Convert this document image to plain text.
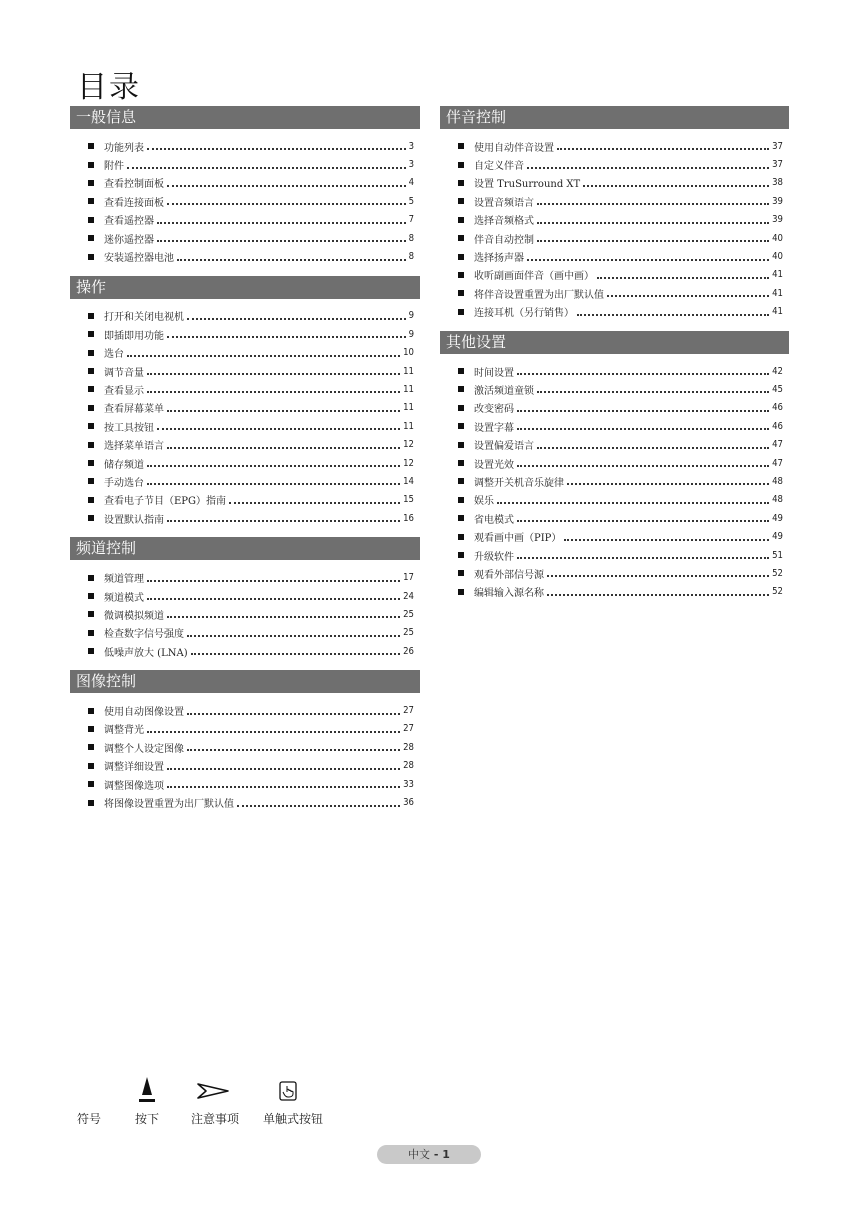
目录
一般信息
功能列表	3
附件	3
查看控制面板	4
查看连接面板	5
查看遥控器	7
迷你遥控器	8
安装遥控器电池	8
操作
打开和关闭电视机	9
即插即用功能	9
选台	10
调节音量	11
查看显示	11
查看屏幕菜单	11
按工具按钮	11
选择菜单语言	12
储存频道	12
手动选台	14
查看电子节目（EPG）指南	15
设置默认指南	16
频道控制
频道管理	17
频道模式	24
微调模拟频道	25
检查数字信号强度	25
低噪声放大 (LNA)	26
图像控制
使用自动图像设置	27
调整背光	27
调整个人设定图像	28
调整详细设置	28
调整图像选项	33
将图像设置重置为出厂默认值	36
伴音控制
使用自动伴音设置	37
自定义伴音	37
设置 TruSurround XT	38
设置音频语言	39
选择音频格式	39
伴音自动控制	40
选择扬声器	40
收听副画面伴音（画中画）	41
将伴音设置重置为出厂默认值	41
连接耳机（另行销售）	41
其他设置
时间设置	42
激活频道童锁	45
改变密码	46
设置字幕	46
设置偏爱语言	47
设置光效	47
调整开关机音乐旋律	48
娱乐	48
省电模式	49
观看画中画（PIP）	49
升级软件	51
观看外部信号源	52
编辑输入源名称	52
符号	按下	注意事项 单触式按钮
中文 - 1
